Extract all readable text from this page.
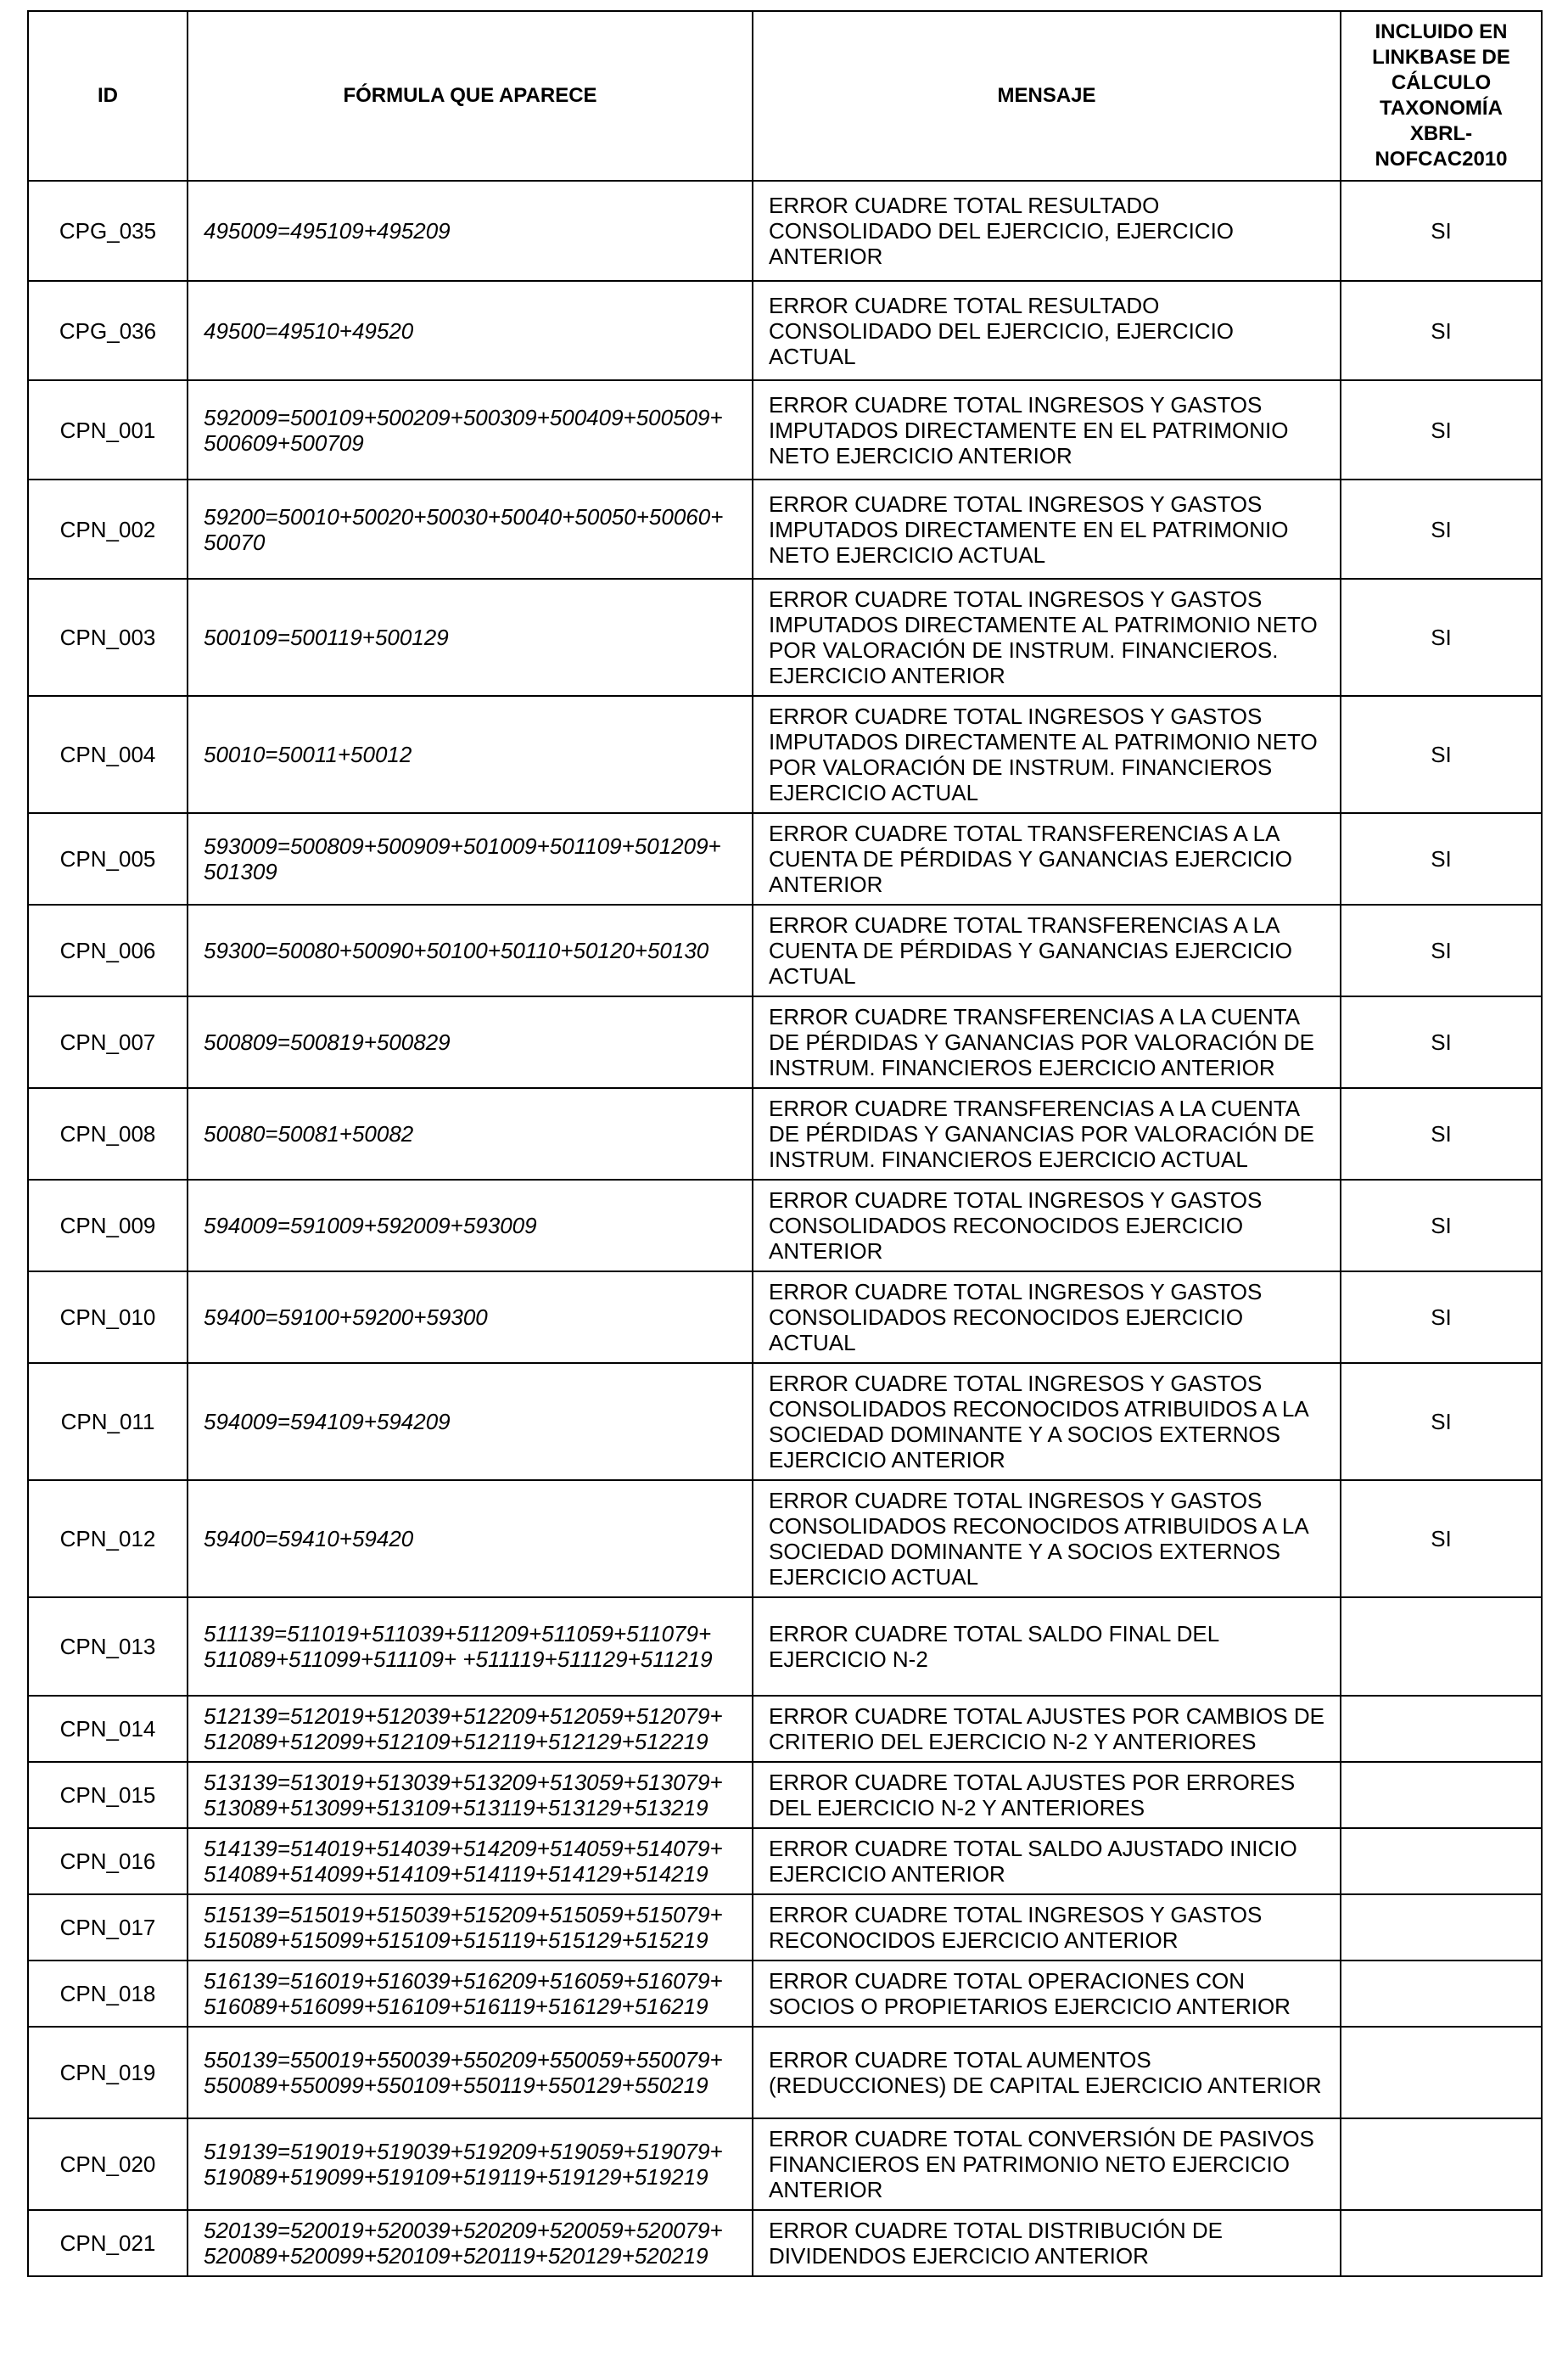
ID	FÓRMULA QUE APARECE	MENSAJE	INCLUIDO EN LINKBASE DE CÁLCULO TAXONOMÍA XBRL-NOFCAC2010
CPG_035	495009=495109+495209	ERROR CUADRE TOTAL RESULTADO CONSOLIDADO DEL EJERCICIO, EJERCICIO ANTERIOR	SI
CPG_036	49500=49510+49520	ERROR CUADRE TOTAL RESULTADO CONSOLIDADO DEL EJERCICIO, EJERCICIO ACTUAL	SI
CPN_001	592009=500109+500209+500309+500409+500509+ 500609+500709	ERROR CUADRE TOTAL INGRESOS Y GASTOS IMPUTADOS DIRECTAMENTE EN EL PATRIMONIO NETO EJERCICIO ANTERIOR	SI
CPN_002	59200=50010+50020+50030+50040+50050+50060+ 50070	ERROR CUADRE TOTAL INGRESOS Y GASTOS IMPUTADOS DIRECTAMENTE EN EL PATRIMONIO NETO EJERCICIO ACTUAL	SI
CPN_003	500109=500119+500129	ERROR CUADRE TOTAL INGRESOS Y GASTOS IMPUTADOS DIRECTAMENTE AL PATRIMONIO NETO POR VALORACIÓN DE INSTRUM. FINANCIEROS. EJERCICIO ANTERIOR	SI
CPN_004	50010=50011+50012	ERROR CUADRE TOTAL INGRESOS Y GASTOS IMPUTADOS DIRECTAMENTE AL PATRIMONIO NETO POR VALORACIÓN DE INSTRUM. FINANCIEROS EJERCICIO ACTUAL	SI
CPN_005	593009=500809+500909+501009+501109+501209+ 501309	ERROR CUADRE TOTAL TRANSFERENCIAS A LA CUENTA DE PÉRDIDAS Y GANANCIAS EJERCICIO ANTERIOR	SI
CPN_006	59300=50080+50090+50100+50110+50120+50130	ERROR CUADRE TOTAL TRANSFERENCIAS A LA CUENTA DE PÉRDIDAS Y GANANCIAS EJERCICIO ACTUAL	SI
CPN_007	500809=500819+500829	ERROR CUADRE TRANSFERENCIAS A LA CUENTA DE PÉRDIDAS Y GANANCIAS POR VALORACIÓN DE INSTRUM. FINANCIEROS EJERCICIO ANTERIOR	SI
CPN_008	50080=50081+50082	ERROR CUADRE TRANSFERENCIAS A LA CUENTA DE PÉRDIDAS Y GANANCIAS POR VALORACIÓN DE INSTRUM. FINANCIEROS EJERCICIO ACTUAL	SI
CPN_009	594009=591009+592009+593009	ERROR CUADRE TOTAL INGRESOS Y GASTOS CONSOLIDADOS RECONOCIDOS EJERCICIO ANTERIOR	SI
CPN_010	59400=59100+59200+59300	ERROR CUADRE TOTAL INGRESOS Y GASTOS CONSOLIDADOS RECONOCIDOS EJERCICIO ACTUAL	SI
CPN_011	594009=594109+594209	ERROR CUADRE TOTAL INGRESOS Y GASTOS CONSOLIDADOS RECONOCIDOS ATRIBUIDOS A LA SOCIEDAD DOMINANTE Y A SOCIOS EXTERNOS EJERCICIO ANTERIOR	SI
CPN_012	59400=59410+59420	ERROR CUADRE TOTAL INGRESOS Y GASTOS CONSOLIDADOS RECONOCIDOS ATRIBUIDOS A LA SOCIEDAD DOMINANTE Y A SOCIOS EXTERNOS EJERCICIO ACTUAL	SI
CPN_013	511139=511019+511039+511209+511059+511079+ 511089+511099+511109+ +511119+511129+511219	ERROR CUADRE TOTAL SALDO FINAL DEL EJERCICIO N-2	
CPN_014	512139=512019+512039+512209+512059+512079+ 512089+512099+512109+512119+512129+512219	ERROR CUADRE TOTAL AJUSTES POR CAMBIOS DE CRITERIO DEL EJERCICIO N-2 Y ANTERIORES	
CPN_015	513139=513019+513039+513209+513059+513079+ 513089+513099+513109+513119+513129+513219	ERROR CUADRE TOTAL AJUSTES POR ERRORES DEL EJERCICIO N-2 Y ANTERIORES	
CPN_016	514139=514019+514039+514209+514059+514079+ 514089+514099+514109+514119+514129+514219	ERROR CUADRE TOTAL SALDO AJUSTADO INICIO EJERCICIO ANTERIOR	
CPN_017	515139=515019+515039+515209+515059+515079+ 515089+515099+515109+515119+515129+515219	ERROR CUADRE TOTAL INGRESOS Y GASTOS RECONOCIDOS EJERCICIO ANTERIOR	
CPN_018	516139=516019+516039+516209+516059+516079+ 516089+516099+516109+516119+516129+516219	ERROR CUADRE TOTAL OPERACIONES CON SOCIOS O PROPIETARIOS EJERCICIO ANTERIOR	
CPN_019	550139=550019+550039+550209+550059+550079+ 550089+550099+550109+550119+550129+550219	ERROR CUADRE TOTAL AUMENTOS (REDUCCIONES) DE CAPITAL EJERCICIO ANTERIOR	
CPN_020	519139=519019+519039+519209+519059+519079+ 519089+519099+519109+519119+519129+519219	ERROR CUADRE TOTAL CONVERSIÓN DE PASIVOS FINANCIEROS EN PATRIMONIO NETO EJERCICIO ANTERIOR	
CPN_021	520139=520019+520039+520209+520059+520079+ 520089+520099+520109+520119+520129+520219	ERROR CUADRE TOTAL DISTRIBUCIÓN DE DIVIDENDOS EJERCICIO ANTERIOR	
